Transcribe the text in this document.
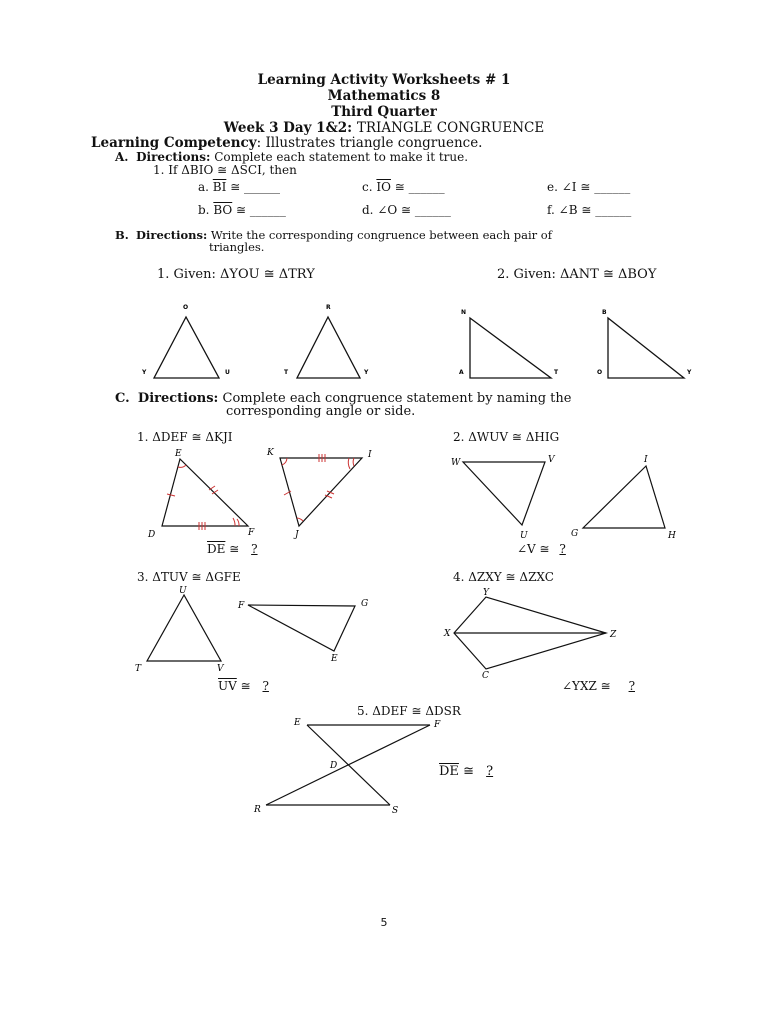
Learning Activity Worksheets # 1
Mathematics 8
Third Quarter
Week 3 Day 1&2: TRIANGLE CONGRUENCE
Learning Competency: Illustrates triangle congruence.
A. Directions: Complete each statement to make it true.
1. If ΔBIO ≅ ΔSCI, then
a. $\overline{BI}$ ≅ ______	c. $\overline{IO}$ ≅ ______	e. ∠I ≅ ______
b. $\overline{BO}$ ≅ ______	d. ∠O ≅ ______	f. ∠B ≅ ______
B. Directions: Write the corresponding congruence between each pair of
triangles.
1. Given: ΔYOU ≅ ΔTRY	2. Given: ΔANT ≅ ΔBOY
O
Y	U
R
T	Y
N
A	T
B
O	Y
C. Directions: Complete each congruence statement by naming the
corresponding angle or side.
1. ΔDEF ≅ ΔKJI
E
D	F
K	I
J
$\overline{DE}$ ≅ ?
2. ΔWUV ≅ ΔHIG
W	V
U
I
G	H
∠V ≅ ?
3. ΔTUV ≅ ΔGFE
U
T	V
F	G
E
$\overline{UV}$ ≅ ?
4. ΔZXY ≅ ΔZXC
Y
X	Z
C
∠YXZ ≅ ?
5. ΔDEF ≅ ΔDSR
E	F
D
R	S
$\overline{DE}$ ≅ ?
5
